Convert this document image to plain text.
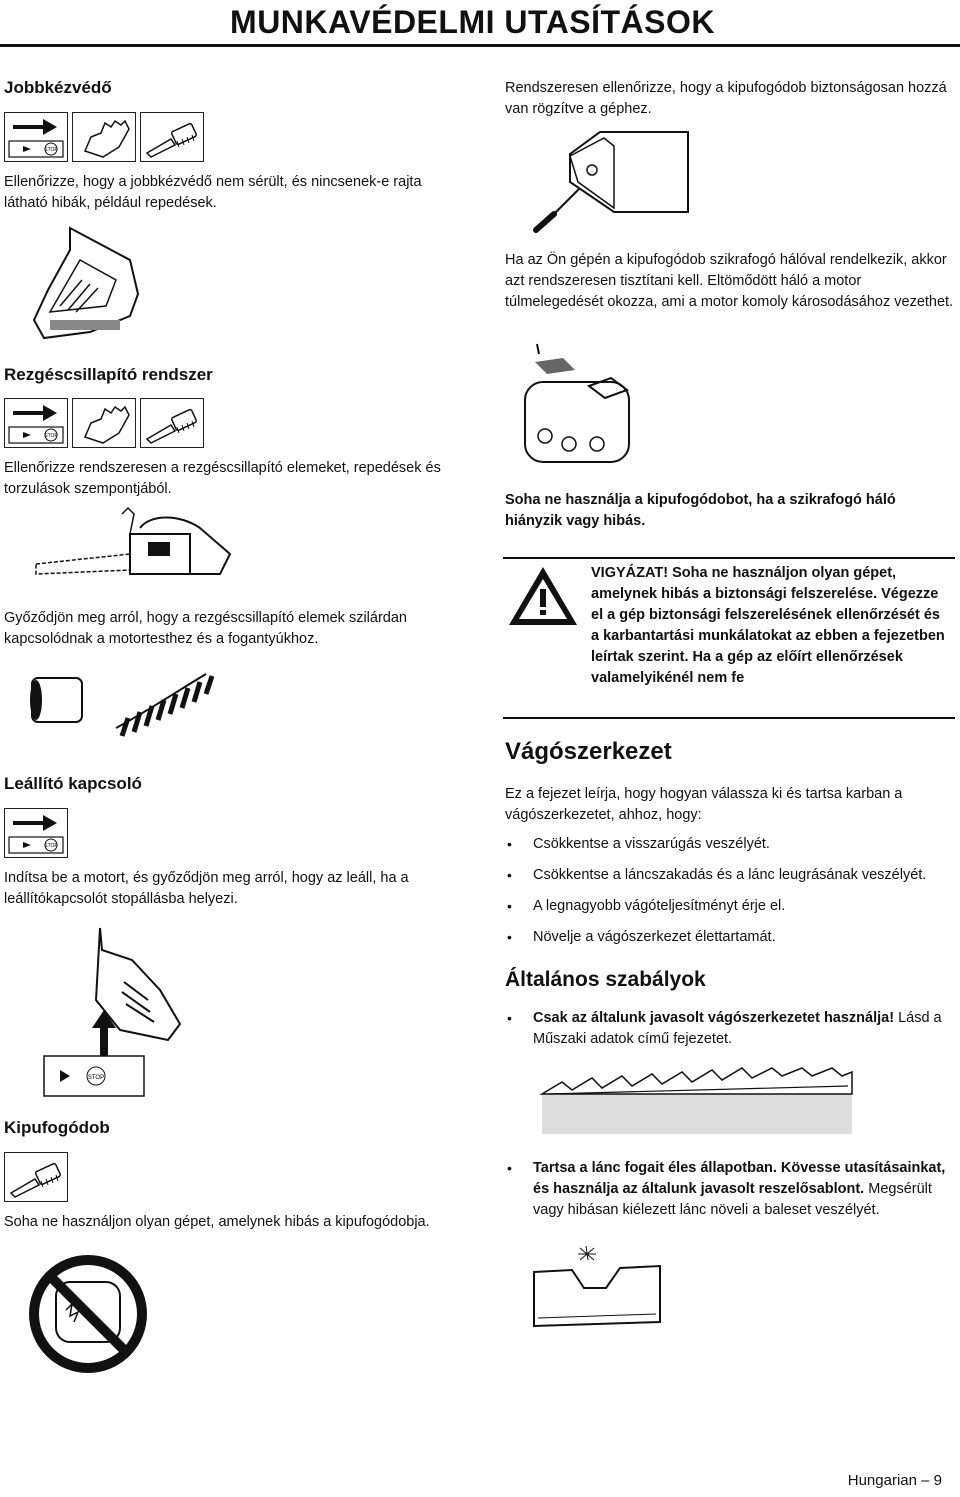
MUNKAVÉDELMI UTASÍTÁSOK
Jobbkézvédő
STOP

Ellenőrizze, hogy a jobbkézvédő nem sérült, és nincsenek-e rajta látható hibák, például repedések.

Rezgéscsillapító rendszer
STOP

Ellenőrizze rendszeresen a rezgéscsillapító elemeket, repedések és torzulások szempontjából.

Győződjön meg arról, hogy a rezgéscsillapító elemek szilárdan kapcsolódnak a motortesthez és a fogantyúkhoz.

Leállító kapcsoló
STOP

Indítsa be a motort, és győződjön meg arról, hogy az leáll, ha a leállítókapcsolót stopállásba helyezi.

STOP
Kipufogódob

Soha ne használjon olyan gépet, amelynek hibás a kipufogódobja.

Rendszeresen ellenőrizze, hogy a kipufogódob biztonságosan hozzá van rögzítve a géphez.

Ha az Ön gépén a kipufogódob szikrafogó hálóval rendelkezik, akkor azt rendszeresen tisztítani kell. Eltömődött háló a motor túlmelegedését okozza, ami a motor komoly károsodásához vezethet.

Soha ne használja a kipufogódobot, ha a szikrafogó háló hiányzik vagy hibás.

VIGYÁZAT! Soha ne használjon olyan gépet, amelynek hibás a biztonsági felszerelése. Végezze el a gép biztonsági felszerelésének ellenőrzését és a karbantartási munkálatokat az ebben a fejezetben leírtak szerint. Ha a gép az előírt ellenőrzések valamelyikénél nem fe

Vágószerkezet

Ez a fejezet leírja, hogy hogyan válassza ki és tartsa karban a vágószerkezetet, ahhoz, hogy:

• Csökkentse a visszarúgás veszélyét.
• Csökkentse a láncszakadás és a lánc leugrásának veszélyét.
• A legnagyobb vágóteljesítményt érje el.
• Növelje a vágószerkezet élettartamát.
Általános szabályok
• Csak az általunk javasolt vágószerkezetet használja! Lásd a Műszaki adatok című fejezetet.
• Tartsa a lánc fogait éles állapotban. Kövesse utasításainkat, és használja az általunk javasolt reszelősablont. Megsérült vagy hibásan kiélezett lánc növeli a baleset veszélyét.
Hungarian – 9
